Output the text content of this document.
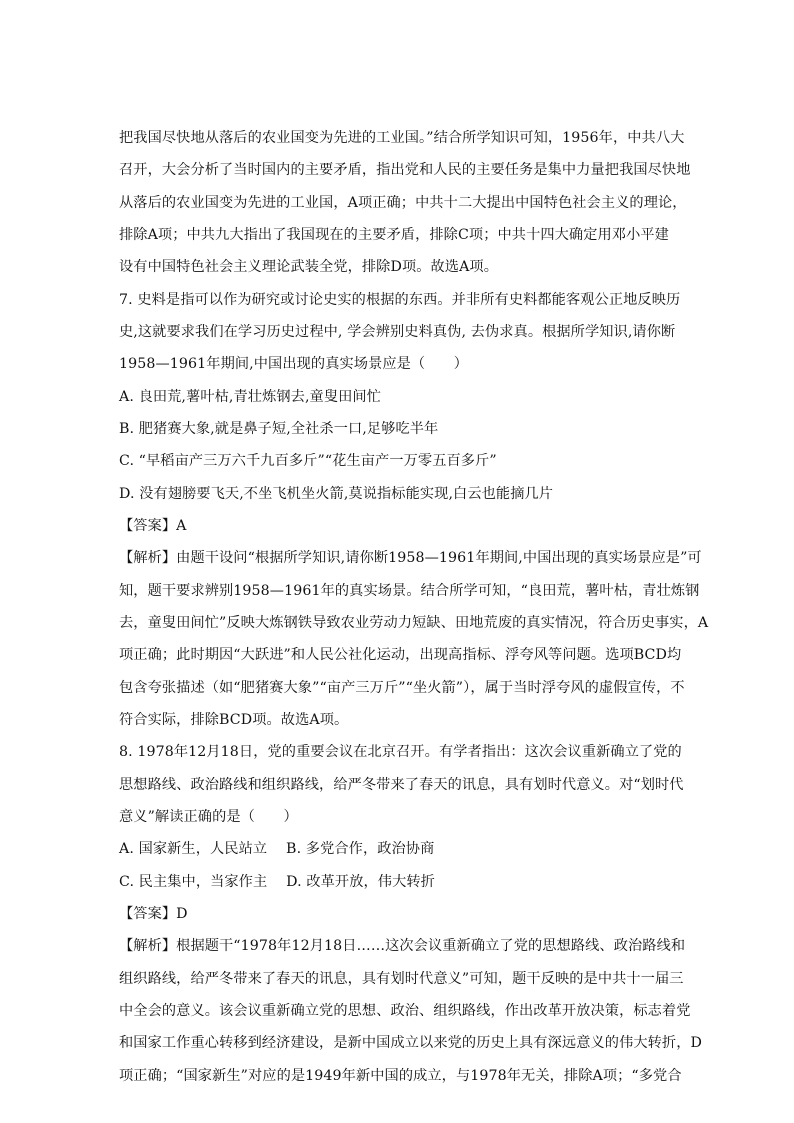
把我国尽快地从落后的农业国变为先进的工业国。”结合所学知识可知，1956年，中共八大
召开，大会分析了当时国内的主要矛盾，指出党和人民的主要任务是集中力量把我国尽快地
从落后的农业国变为先进的工业国，A项正确；中共十二大提出中国特色社会主义的理论，
排除A项；中共九大指出了我国现在的主要矛盾，排除C项；中共十四大确定用邓小平建
设有中国特色社会主义理论武装全党，排除D项。故选A项。
7. 史料是指可以作为研究或讨论史实的根据的东西。并非所有史料都能客观公正地反映历
史,这就要求我们在学习历史过程中, 学会辨别史料真伪, 去伪求真。根据所学知识,请你断
1958—1961年期间,中国出现的真实场景应是（　　）
A. 良田荒,薯叶枯,青壮炼钢去,童叟田间忙
B. 肥猪赛大象,就是鼻子短,全社杀一口,足够吃半年
C. “早稻亩产三万六千九百多斤”“花生亩产一万零五百多斤”
D. 没有翅膀要飞天,不坐飞机坐火箭,莫说指标能实现,白云也能摘几片
【答案】A
【解析】由题干设问“根据所学知识,请你断1958—1961年期间,中国出现的真实场景应是”可
知，题干要求辨别1958—1961年的真实场景。结合所学可知，“良田荒，薯叶枯，青壮炼钢
去，童叟田间忙”反映大炼钢铁导致农业劳动力短缺、田地荒废的真实情况，符合历史事实，A
项正确；此时期因“大跃进”和人民公社化运动，出现高指标、浮夸风等问题。选项BCD均
包含夸张描述（如“肥猪赛大象”“亩产三万斤”“坐火箭”），属于当时浮夸风的虚假宣传，不
符合实际，排除BCD项。故选A项。
8. 1978年12月18日，党的重要会议在北京召开。有学者指出：这次会议重新确立了党的
思想路线、政治路线和组织路线，给严冬带来了春天的讯息，具有划时代意义。对“划时代
意义”解读正确的是（　　）
A. 国家新生，人民站立　 B. 多党合作，政治协商
C. 民主集中，当家作主　 D. 改革开放，伟大转折
【答案】D
【解析】根据题干“1978年12月18日……这次会议重新确立了党的思想路线、政治路线和
组织路线，给严冬带来了春天的讯息，具有划时代意义”可知，题干反映的是中共十一届三
中全会的意义。该会议重新确立党的思想、政治、组织路线，作出改革开放决策，标志着党
和国家工作重心转移到经济建设，是新中国成立以来党的历史上具有深远意义的伟大转折，D
项正确；“国家新生”对应的是1949年新中国的成立，与1978年无关，排除A项；“多党合
